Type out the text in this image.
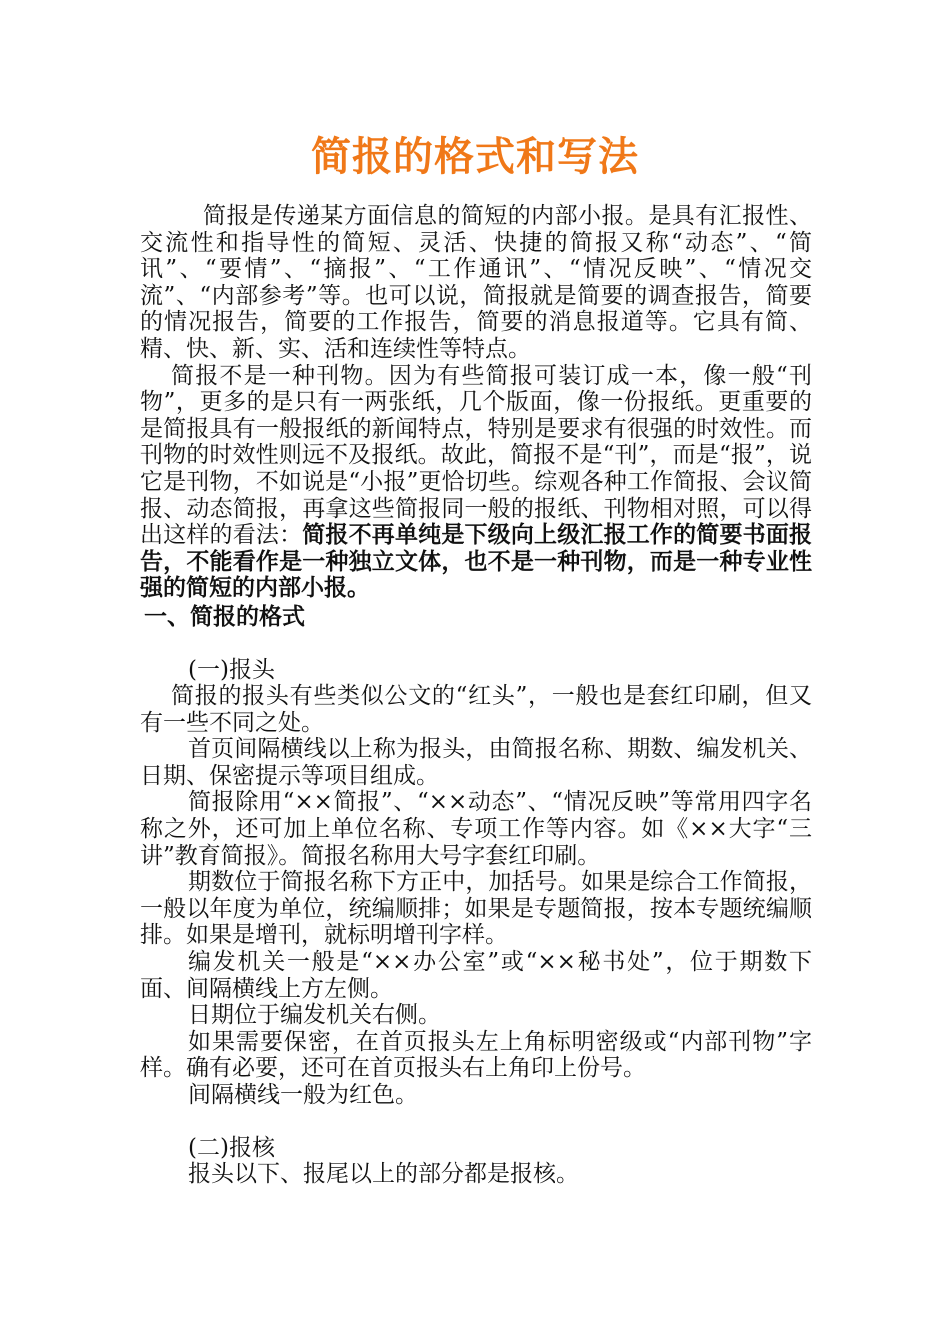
简报的格式和写法

简报是传递某方面信息的简短的内部小报。是具有汇报性、交流性和指导性的简短、灵活、快捷的简报又称“动态”、“简讯”、“要情”、“摘报”、“工作通讯”、“情况反映”、“情况交流”、“内部参考”等。也可以说，简报就是简要的调查报告，简要的情况报告，简要的工作报告，简要的消息报道等。它具有简、精、快、新、实、活和连续性等特点。

简报不是一种刊物。因为有些简报可装订成一本，像一般“刊物”，更多的是只有一两张纸，几个版面，像一份报纸。更重要的是简报具有一般报纸的新闻特点，特别是要求有很强的时效性。而刊物的时效性则远不及报纸。故此，简报不是“刊”，而是“报”，说它是刊物，不如说是“小报”更恰切些。综观各种工作简报、会议简报、动态简报，再拿这些简报同一般的报纸、刊物相对照，可以得出这样的看法：简报不再单纯是下级向上级汇报工作的简要书面报告，不能看作是一种独立文体，也不是一种刊物，而是一种专业性强的简短的内部小报。

一、简报的格式

(一)报头

简报的报头有些类似公文的“红头”，一般也是套红印刷，但又有一些不同之处。

首页间隔横线以上称为报头，由简报名称、期数、编发机关、日期、保密提示等项目组成。

简报除用“××简报”、“××动态”、“情况反映”等常用四字名称之外，还可加上单位名称、专项工作等内容。如《××大字“三讲”教育简报》。简报名称用大号字套红印刷。

期数位于简报名称下方正中，加括号。如果是综合工作简报，一般以年度为单位，统编顺排；如果是专题简报，按本专题统编顺排。如果是增刊，就标明增刊字样。

编发机关一般是“××办公室”或“××秘书处”，位于期数下面、间隔横线上方左侧。

日期位于编发机关右侧。

如果需要保密，在首页报头左上角标明密级或“内部刊物”字样。确有必要，还可在首页报头右上角印上份号。

间隔横线一般为红色。

(二)报核

报头以下、报尾以上的部分都是报核。
